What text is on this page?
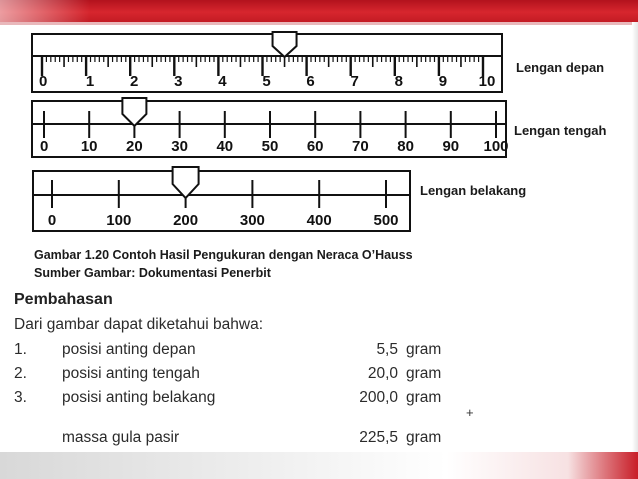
0	1 2 3 4 5 6 7 8 9 10
Lengan depan
0 10 20 30 40 50 60 70 80 90 100
Lengan tengah
0	100	200	300	400	500
Lengan belakang
Gambar 1.20 Contoh Hasil Pengukuran dengan Neraca O’Hauss
Sumber Gambar: Dokumentasi Penerbit
Pembahasan
Dari gambar dapat diketahui bahwa:
1. posisi anting depan	5,5 gram
2. posisi anting tengah	20,0 gram
3. posisi anting belakang	200,0 gram
+
massa gula pasir	225,5 gram
